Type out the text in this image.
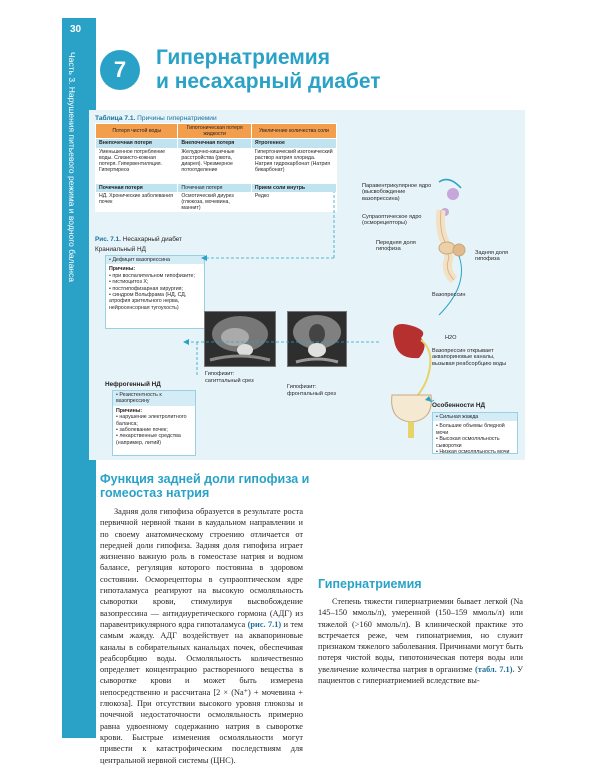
30
Часть 3. Нарушения питьевого режима и водного баланса	7	Гипернатриемия
и несахарный диабет
Таблица 7.1. Причины гипернатриемии
Потеря чистой воды	Гипотоническая потеря жидкости	Увеличение количества соли
Внепочечная потеря	Внепочечная потеря	Ятрогенное
Уменьшенное потребление воды. Слизисто-кожная потеря. Гипервентиляция. Гипертиреоз	Желудочно-кишечные расстройства (рвота, диарея). Чрезмерное потоотделение	Гипертонический изотонический раствор натрия хлорида. Натрия гидрокарбонат (Натрия бикарбонат)
Почечная потеря	Почечная потеря	Прием соли внутрь
НД. Хронические заболевания почек	Осмотический диурез (глюкоза, мочевина, маннит)	Редко
Рис. 7.1. Несахарный диабет
Краниальный НД
• Дефицит вазопрессина
Причины:
• при воспалительном гипофизите;
• гистиоцитоз Х;
• постгипофизарная хирургия;
• синдром Вольфрама (НД, СД, атрофия зрительного нерва, нейросенсорная тугоухость)
Нефрогенный НД
• Резистентность к вазопрессину
Причины:
• нарушение электролитного баланса;
• заболевание почек;
• лекарственные средства (например, литий)
Гипофизит: сагиттальный срез
Гипофизит: фронтальный срез
Паравентрикулярное ядро (высвобождение вазопрессина)
Супраоптическое ядро (осморецепторы)
Передняя доля гипофиза
Задняя доля гипофиза
Вазопрессин
H2O
Вазопрессин открывает аквапориновые каналы, вызывая реабсорбцию воды
Особенности НД
• Сильная жажда
• Большие объемы бледной мочи
• Высокая осмоляльность сыворотки
• Низкая осмоляльность мочи
Функция задней доли гипофиза и гомеостаз натрия

Задняя доля гипофиза образуется в результате роста первичной нервной ткани в каудальном направлении и по своему анатомическому строению отличается от передней доли гипофиза. Задняя доля гипофиза играет жизненно важную роль в гомеостазе натрия и водном балансе, регуляция которого постоянна в здоровом состоянии. Осморецепторы в супраоптическом ядре гипоталамуса реагируют на высокую осмоляльность сыворотки крови, стимулируя высвобождение вазопрессина — антидиуретического гормона (АДГ) из паравентрикулярного ядра гипоталамуса (рис. 7.1) и тем самым жажду. АДГ воздействует на аквапориновые каналы в собирательных канальцах почек, обеспечивая реабсорбцию воды. Осмоляльность количественно определяет концентрацию растворенного вещества в сыворотке крови и может быть измерена непосредственно и рассчитана [2 × (Na⁺) + мочевина + глюкоза]. При отсутствии высокого уровня глюкозы и почечной недостаточности осмоляльность примерно равна удвоенному содержанию натрия в сыворотке крови. Быстрые изменения осмоляльности могут привести к катастрофическим последствиям для центральной нервной системы (ЦНС).

Гипернатриемия

Степень тяжести гипернатриемии бывает легкой (Na 145–150 ммоль/л), умеренной (150–159 ммоль/л) или тяжелой (>160 ммоль/л). В клинической практике это встречается реже, чем гипонатриемия, но служит признаком тяжелого заболевания. Причинами могут быть потеря чистой воды, гипотоническая потеря воды или увеличение количества натрия в организме (табл. 7.1). У пациентов с гипернатриемией вследствие вы-
